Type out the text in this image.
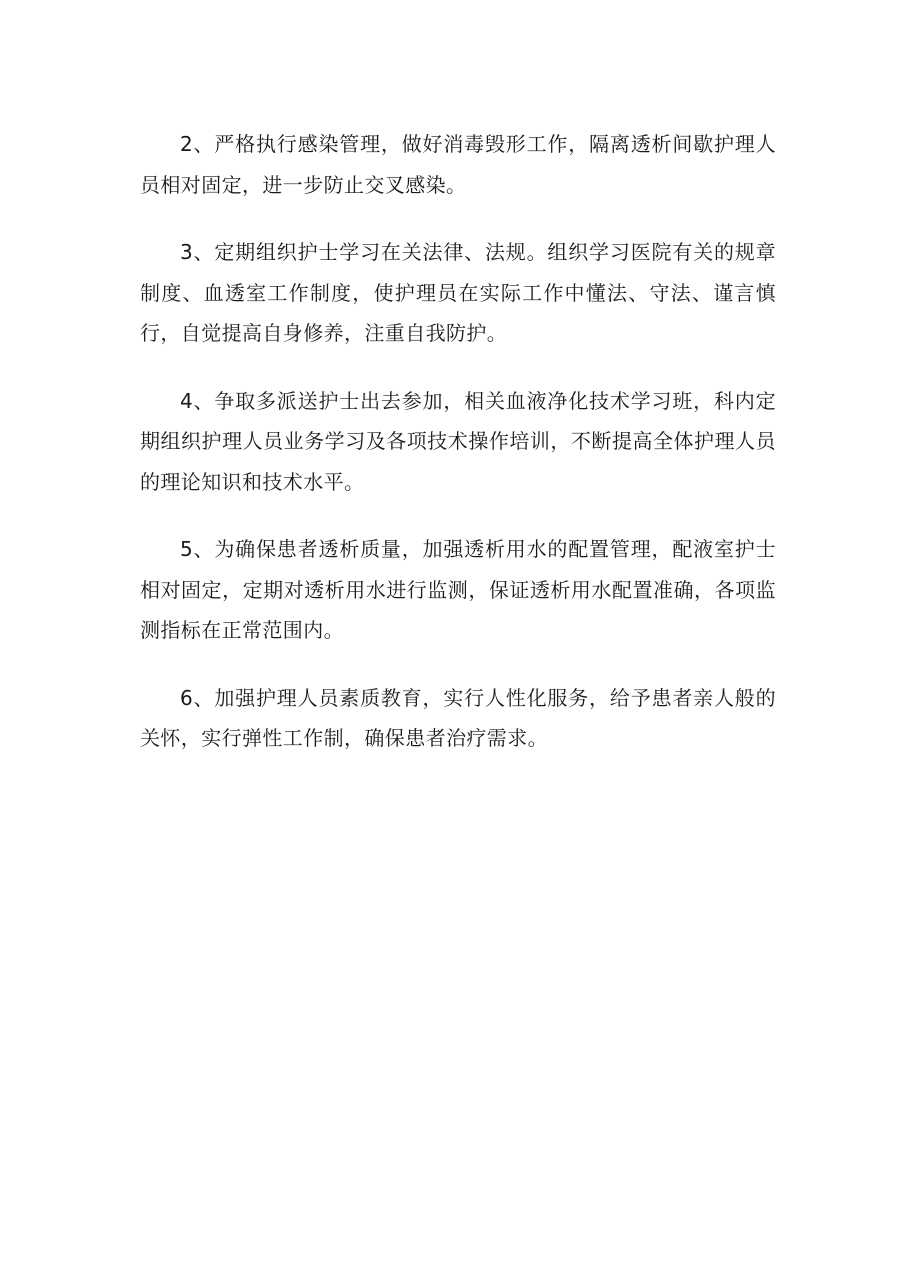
2、严格执行感染管理，做好消毒毁形工作，隔离透析间歇护理人员相对固定，进一步防止交叉感染。

3、定期组织护士学习在关法律、法规。组织学习医院有关的规章制度、血透室工作制度，使护理员在实际工作中懂法、守法、谨言慎行，自觉提高自身修养，注重自我防护。

4、争取多派送护士出去参加，相关血液净化技术学习班，科内定期组织护理人员业务学习及各项技术操作培训，不断提高全体护理人员的理论知识和技术水平。

5、为确保患者透析质量，加强透析用水的配置管理，配液室护士相对固定，定期对透析用水进行监测，保证透析用水配置准确，各项监测指标在正常范围内。

6、加强护理人员素质教育，实行人性化服务，给予患者亲人般的关怀，实行弹性工作制，确保患者治疗需求。
